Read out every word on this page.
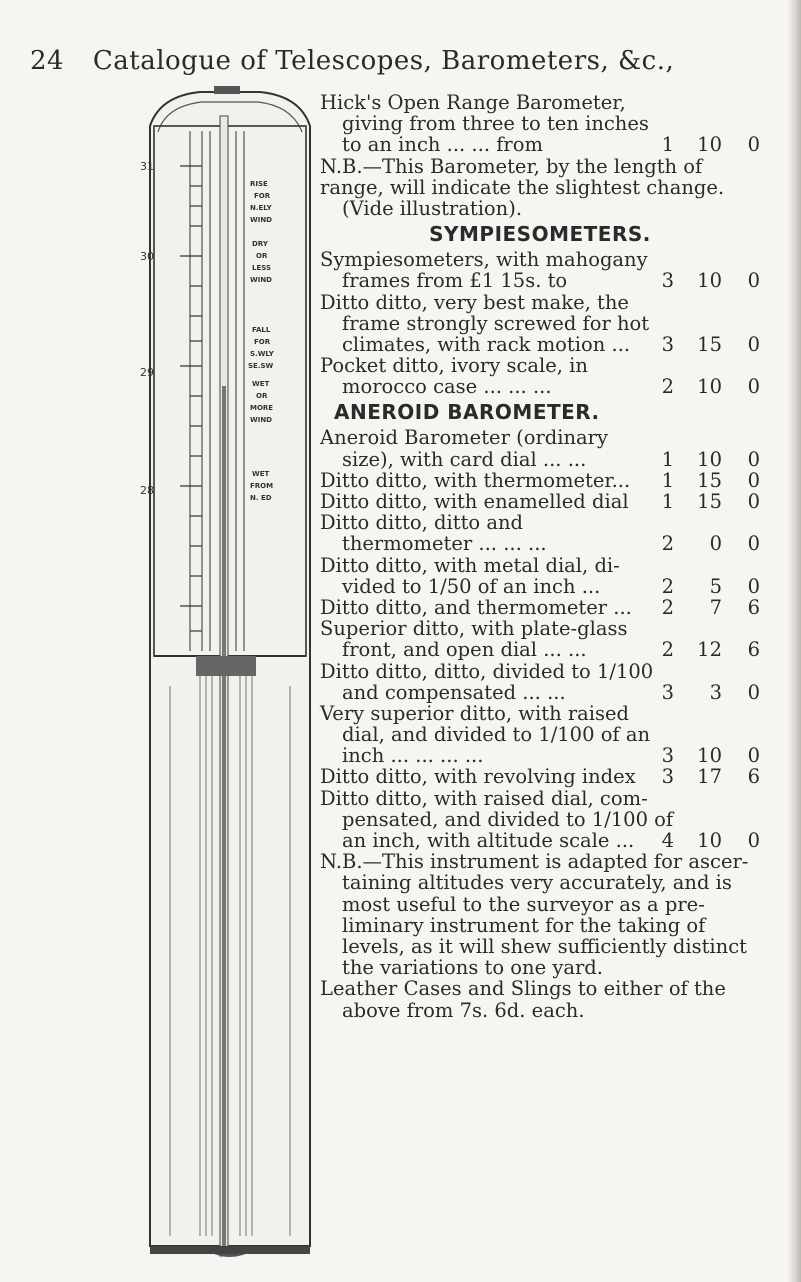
24 Catalogue of Telescopes, Barometers, &c.,
31
30
29
28
RISE
FOR
N.ELY
WIND
DRY
OR
LESS
WIND
FALL
FOR
S.WLY
SE.SW
WET
OR
MORE
WIND
WET
FROM
N. ED
Hick's Open Range Barometer,
giving from three to ten inches
to an inch ... ... from	1	10	0
N.B.—This Barometer, by the length of
range, will indicate the slightest change.
(Vide illustration).
SYMPIESOMETERS.
Sympiesometers, with mahogany
frames from £1 15s. to	3	10	0
Ditto ditto, very best make, the
frame strongly screwed for hot
climates, with rack motion ...	3	15	0
Pocket ditto, ivory scale, in
morocco case ... ... ...	2	10	0
ANEROID BAROMETER.
Aneroid Barometer (ordinary
size), with card dial ... ...	1	10	0
Ditto ditto, with thermometer...	1	15	0
Ditto ditto, with enamelled dial	1	15	0
Ditto ditto, ditto and
thermometer ... ... ...	2	0	0
Ditto ditto, with metal dial, di-
vided to 1/50 of an inch ...	2	5	0
Ditto ditto, and thermometer ...	2	7	6
Superior ditto, with plate-glass
front, and open dial ... ...	2	12	6
Ditto ditto, ditto, divided to 1/100
and compensated ... ...	3	3	0
Very superior ditto, with raised
dial, and divided to 1/100 of an
inch ... ... ... ...	3	10	0
Ditto ditto, with revolving index	3	17	6
Ditto ditto, with raised dial, com-
pensated, and divided to 1/100 of
an inch, with altitude scale ...	4	10	0
N.B.—This instrument is adapted for ascer-
taining altitudes very accurately, and is
most useful to the surveyor as a pre-
liminary instrument for the taking of
levels, as it will shew sufficiently distinct
the variations to one yard.
Leather Cases and Slings to either of the
above from 7s. 6d. each.
